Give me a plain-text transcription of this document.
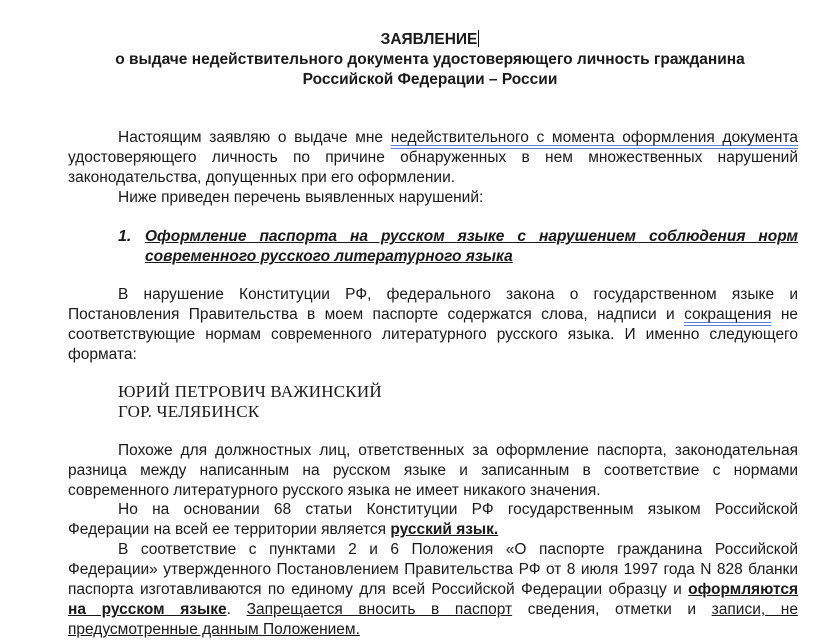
ЗАЯВЛЕНИЕ
о выдаче недействительного документа удостоверяющего личность гражданина
Российской Федерации – России
Настоящим заявляю о выдаче мне недействительного с момента оформления документа
удостоверяющего личность по причине обнаруженных в нем множественных нарушений
законодательства, допущенных при его оформлении.
Ниже приведен перечень выявленных нарушений:
1. Оформление паспорта на русском языке с нарушением соблюдения норм
современного русского литературного языка
В нарушение Конституции РФ, федерального закона о государственном языке и
Постановления Правительства в моем паспорте содержатся слова, надписи и сокращения не
соответствующие нормам современного литературного русского языка. И именно следующего
формата:
ЮРИЙ ПЕТРОВИЧ ВАЖИНСКИЙ
ГОР. ЧЕЛЯБИНСК
Похоже для должностных лиц, ответственных за оформление паспорта, законодательная
разница между написанным на русском языке и записанным в соответствие с нормами
современного литературного русского языка не имеет никакого значения.
Но на основании 68 статьи Конституции РФ государственным языком Российской
Федерации на всей ее территории является русский язык.
В соответствие с пунктами 2 и 6 Положения «О паспорте гражданина Российской
Федерации» утвержденного Постановлением Правительства РФ от 8 июля 1997 года N 828 бланки
паспорта изготавливаются по единому для всей Российской Федерации образцу и оформляются
на русском языке. Запрещается вносить в паспорт сведения, отметки и записи, не
предусмотренные данным Положением.
